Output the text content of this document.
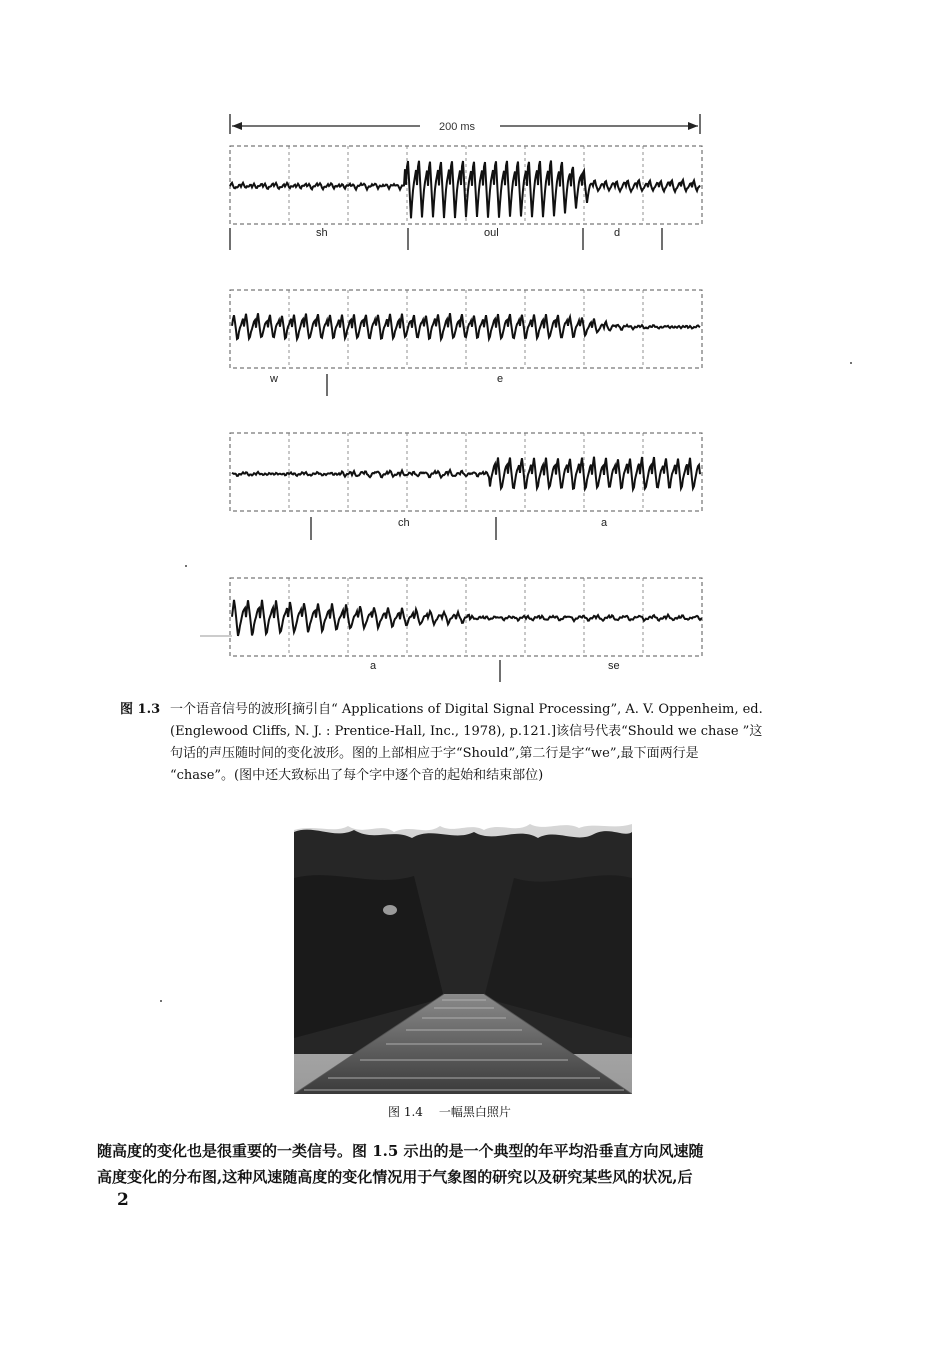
200 ms
sh	oul	d
w	e
ch	a
a	se
图 1.3 一个语音信号的波形[摘引自“ Applications of Digital Signal Processing”, A. V. Oppenheim, ed.

(Englewood Cliffs, N. J. : Prentice-Hall, Inc., 1978), p.121.]该信号代表“Should we chase ”这

句话的声压随时间的变化波形。图的上部相应于字“Should”,第二行是字“we”,最下面两行是

“chase”。(图中还大致标出了每个字中逐个音的起始和结束部位)

图 1.4 一幅黑白照片

随高度的变化也是很重要的一类信号。图 1.5 示出的是一个典型的年平均沿垂直方向风速随

高度变化的分布图,这种风速随高度的变化情况用于气象图的研究以及研究某些风的状况,后

2
